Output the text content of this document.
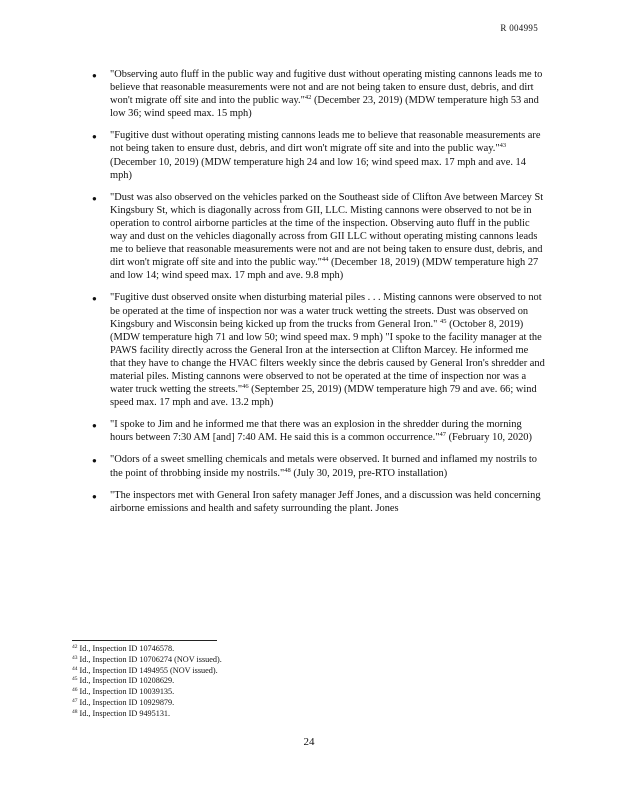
R 004995
● "Observing auto fluff in the public way and fugitive dust without operating misting cannons leads me to believe that reasonable measurements were not and are not being taken to ensure dust, debris, and dirt won't migrate off site and into the public way."$^{42}$ (December 23, 2019) (MDW temperature high 53 and low 36; wind speed max. 15 mph)
● "Fugitive dust without operating misting cannons leads me to believe that reasonable measurements are not being taken to ensure dust, debris, and dirt won't migrate off site and into the public way."$^{43}$ (December 10, 2019) (MDW temperature high 24 and low 16; wind speed max. 17 mph and ave. 14 mph)
● "Dust was also observed on the vehicles parked on the Southeast side of Clifton Ave between Marcey St Kingsbury St, which is diagonally across from GII, LLC. Misting cannons were observed to not be in operation to control airborne particles at the time of the inspection. Observing auto fluff in the public way and dust on the vehicles diagonally across from GII LLC without operating misting cannons leads me to believe that reasonable measurements were not and are not being taken to ensure dust, debris, and dirt won't migrate off site and into the public way."$^{44}$ (December 18, 2019) (MDW temperature high 27 and low 14; wind speed max. 17 mph and ave. 9.8 mph)
● "Fugitive dust observed onsite when disturbing material piles . . . Misting cannons were observed to not be operated at the time of inspection nor was a water truck wetting the streets. Dust was observed on Kingsbury and Wisconsin being kicked up from the trucks from General Iron." $^{45}$ (October 8, 2019) (MDW temperature high 71 and low 50; wind speed max. 9 mph) "I spoke to the facility manager at the PAWS facility directly across the General Iron at the intersection at Clifton Marcey. He informed me that they have to change the HVAC filters weekly since the debris caused by General Iron's shredder and material piles. Misting cannons were observed to not be operated at the time of inspection nor was a water truck wetting the streets."$^{46}$ (September 25, 2019) (MDW temperature high 79 and ave. 66; wind speed max. 17 mph and ave. 13.2 mph)
● "I spoke to Jim and he informed me that there was an explosion in the shredder during the morning hours between 7:30 AM [and] 7:40 AM. He said this is a common occurrence."$^{47}$ (February 10, 2020)
● "Odors of a sweet smelling chemicals and metals were observed. It burned and inflamed my nostrils to the point of throbbing inside my nostrils."$^{48}$ (July 30, 2019, pre-RTO installation)
● "The inspectors met with General Iron safety manager Jeff Jones, and a discussion was held concerning airborne emissions and health and safety surrounding the plant. Jones
$^{42}$ Id., Inspection ID 10746578.
$^{43}$ Id., Inspection ID 10706274 (NOV issued).
$^{44}$ Id., Inspection ID 1494955 (NOV issued).
$^{45}$ Id., Inspection ID 10208629.
$^{46}$ Id., Inspection ID 10039135.
$^{47}$ Id., Inspection ID 10929879.
$^{48}$ Id., Inspection ID 9495131.
24
